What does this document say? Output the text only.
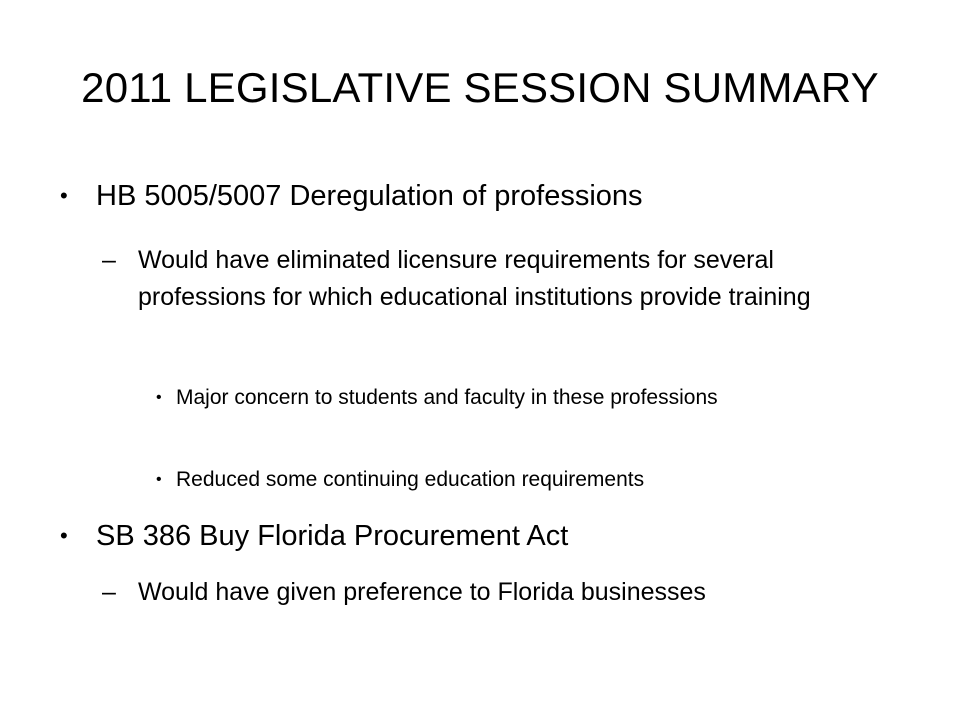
2011 LEGISLATIVE SESSION SUMMARY
• HB 5005/5007 Deregulation of professions
– Would have eliminated licensure requirements for several professions for which educational institutions provide training
• Major concern to students and faculty in these professions
• Reduced some continuing education requirements
• SB 386 Buy Florida Procurement Act
– Would have given preference to Florida businesses
